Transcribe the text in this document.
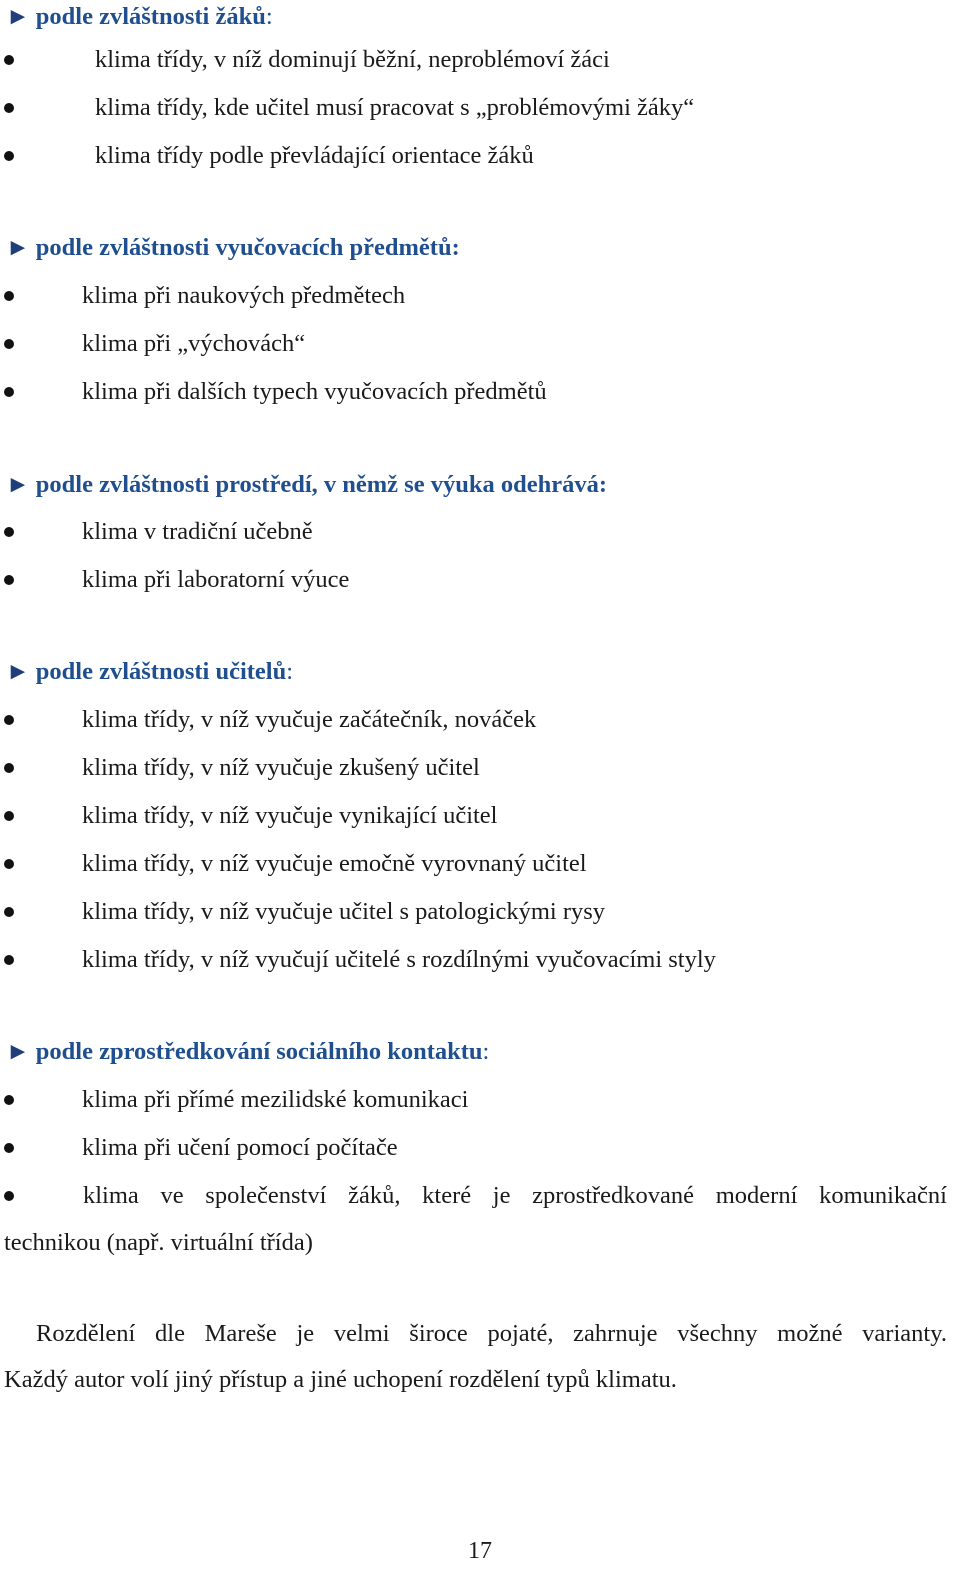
► podle zvláštnosti žáků:
klima třídy, v níž dominují běžní, neproblémoví žáci
klima třídy, kde učitel musí pracovat s „problémovými žáky“
klima třídy podle převládající orientace žáků
► podle zvláštnosti vyučovacích předmětů:
klima při naukových předmětech
klima při „výchovách“
klima při dalších typech vyučovacích předmětů
► podle zvláštnosti prostředí, v němž se výuka odehrává:
klima v tradiční učebně
klima při laboratorní výuce
► podle zvláštnosti učitelů:
klima třídy, v níž vyučuje začátečník, nováček
klima třídy, v níž vyučuje zkušený učitel
klima třídy, v níž vyučuje vynikající učitel
klima třídy, v níž vyučuje emočně vyrovnaný učitel
klima třídy, v níž vyučuje učitel s patologickými rysy
klima třídy, v níž vyučují učitelé s rozdílnými vyučovacími styly
► podle zprostředkování sociálního kontaktu:
klima při přímé mezilidské komunikaci
klima při učení pomocí počítače
klima ve společenství žáků, které je zprostředkované moderní komunikační
technikou (např. virtuální třída)
Rozdělení dle Mareše je velmi široce pojaté, zahrnuje všechny možné varianty.
Každý autor volí jiný přístup a jiné uchopení rozdělení typů klimatu.
17
